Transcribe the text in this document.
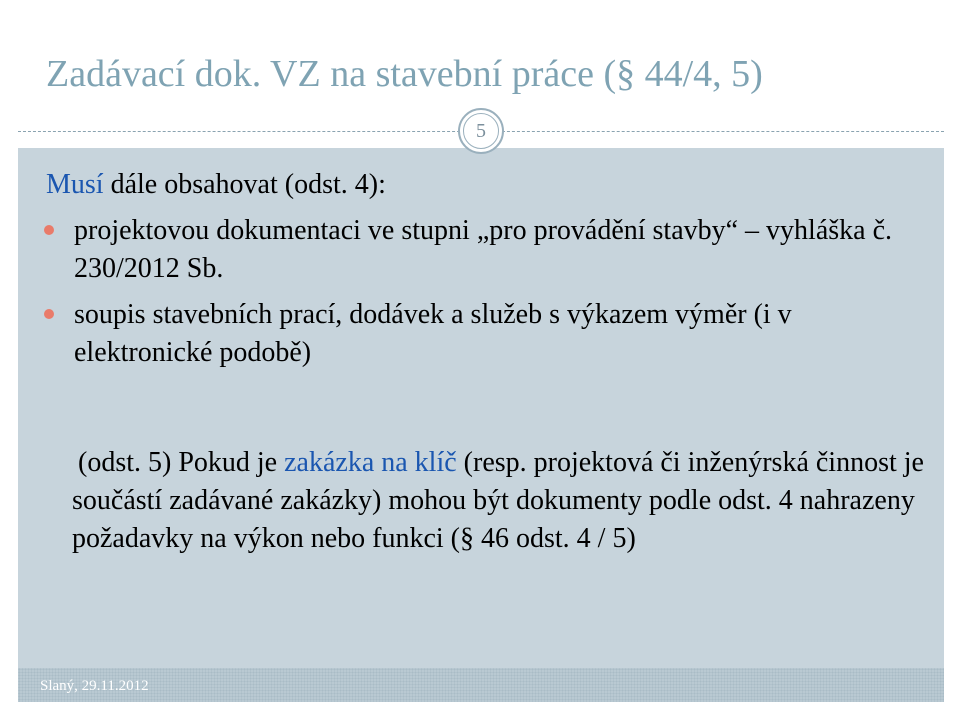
Zadávací dok. VZ na stavební práce (§ 44/4, 5)
5
Musí dále obsahovat (odst. 4):
projektovou dokumentaci ve stupni „pro provádění stavby“ – vyhláška č. 230/2012 Sb.
soupis stavebních prací, dodávek a služeb s výkazem výměr (i v elektronické podobě)
(odst. 5) Pokud je zakázka na klíč (resp. projektová či inženýrská činnost je součástí zadávané zakázky) mohou být dokumenty podle odst. 4 nahrazeny požadavky na výkon nebo funkci (§ 46 odst. 4 / 5)
Slaný, 29.11.2012
